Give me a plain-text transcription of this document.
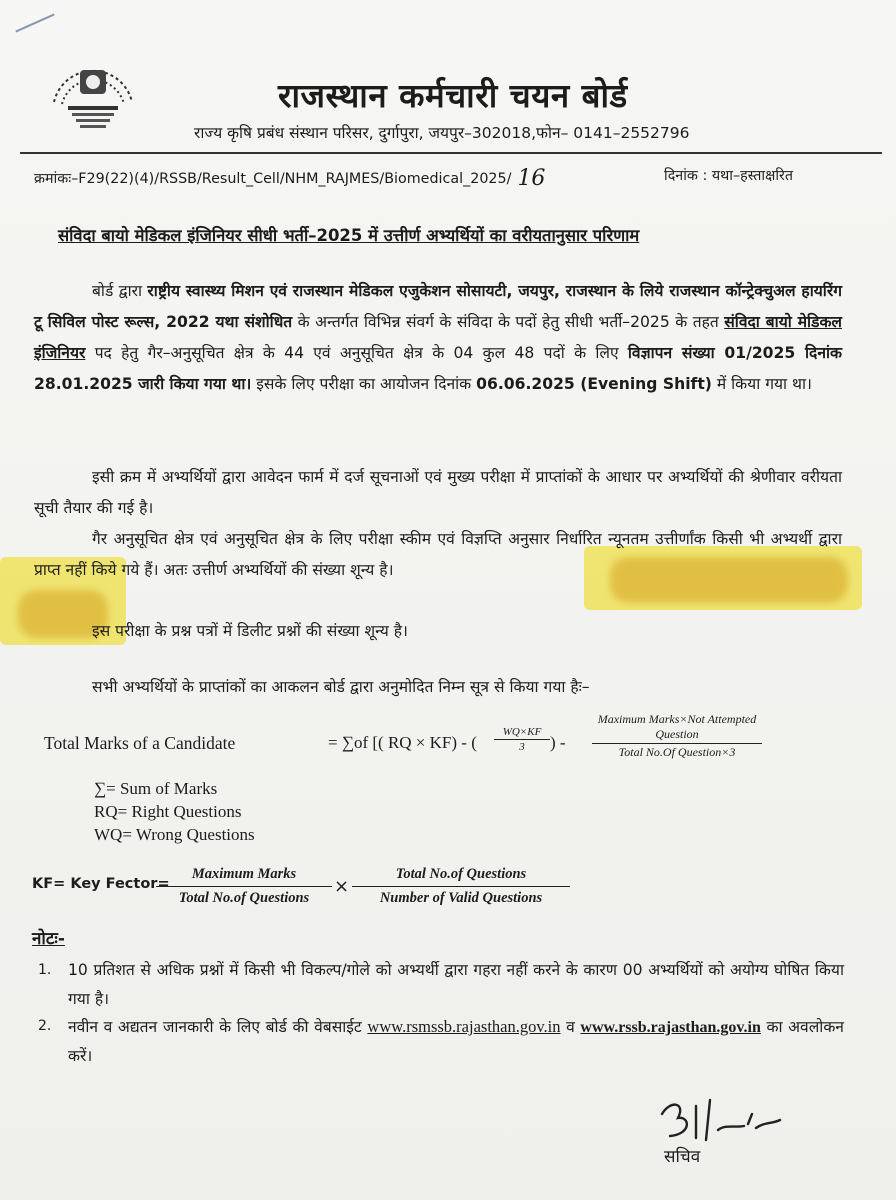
राजस्थान कर्मचारी चयन बोर्ड
राज्य कृषि प्रबंध संस्थान परिसर, दुर्गापुरा, जयपुर–302018,फोन– 0141–2552796
क्रमांकः–F29(22)(4)/RSSB/Result_Cell/NHM_RAJMES/Biomedical_2025/ 16	दिनांक : यथा–हस्ताक्षरित
संविदा बायो मेडिकल इंजिनियर सीधी भर्ती–2025 में उत्तीर्ण अभ्यर्थियों का वरीयतानुसार परिणाम
बोर्ड द्वारा राष्ट्रीय स्वास्थ्य मिशन एवं राजस्थान मेडिकल एजुकेशन सोसायटी, जयपुर, राजस्थान के लिये राजस्थान कॉन्ट्रेक्चुअल हायरिंग टू सिविल पोस्ट रूल्स, 2022 यथा संशोधित के अन्तर्गत विभिन्न संवर्ग के संविदा के पदों हेतु सीधी भर्ती–2025 के तहत संविदा बायो मेडिकल इंजिनियर पद हेतु गैर–अनुसूचित क्षेत्र के 44 एवं अनुसूचित क्षेत्र के 04 कुल 48 पदों के लिए विज्ञापन संख्या 01/2025 दिनांक 28.01.2025 जारी किया गया था। इसके लिए परीक्षा का आयोजन दिनांक 06.06.2025 (Evening Shift) में किया गया था।
इसी क्रम में अभ्यर्थियों द्वारा आवेदन फार्म में दर्ज सूचनाओं एवं मुख्य परीक्षा में प्राप्तांकों के आधार पर अभ्यर्थियों की श्रेणीवार वरीयता सूची तैयार की गई है।
गैर अनुसूचित क्षेत्र एवं अनुसूचित क्षेत्र के लिए परीक्षा स्कीम एवं विज्ञप्ति अनुसार निर्धारित न्यूनतम उत्तीर्णांक किसी भी अभ्यर्थी द्वारा प्राप्त नहीं किये गये हैं। अतः उत्तीर्ण अभ्यर्थियों की संख्या शून्य है।
इस परीक्षा के प्रश्न पत्रों में डिलीट प्रश्नों की संख्या शून्य है।
सभी अभ्यर्थियों के प्राप्तांकों का आकलन बोर्ड द्वारा अनुमोदित निम्न सूत्र से किया गया हैः–
Total Marks of a Candidate	= ∑of [( RQ × KF) - ( $\frac{WQ\times KF}{3}$ ) -
Maximum Marks×Not Attempted Question
Total No.Of Question×3
∑= Sum of Marks
RQ= Right Questions
WQ= Wrong Questions
KF= Key Fector=
Maximum Marks
Total No.of Questions
×
Total No.of Questions
Number of Valid Questions
नोटः-
1. 10 प्रतिशत से अधिक प्रश्नों में किसी भी विकल्प/गोले को अभ्यर्थी द्वारा गहरा नहीं करने के कारण 00 अभ्यर्थियों को अयोग्य घोषित किया गया है।
2. नवीन व अद्यतन जानकारी के लिए बोर्ड की वेबसाईट www.rsmssb.rajasthan.gov.in व www.rssb.rajasthan.gov.in का अवलोकन करें।
सचिव
